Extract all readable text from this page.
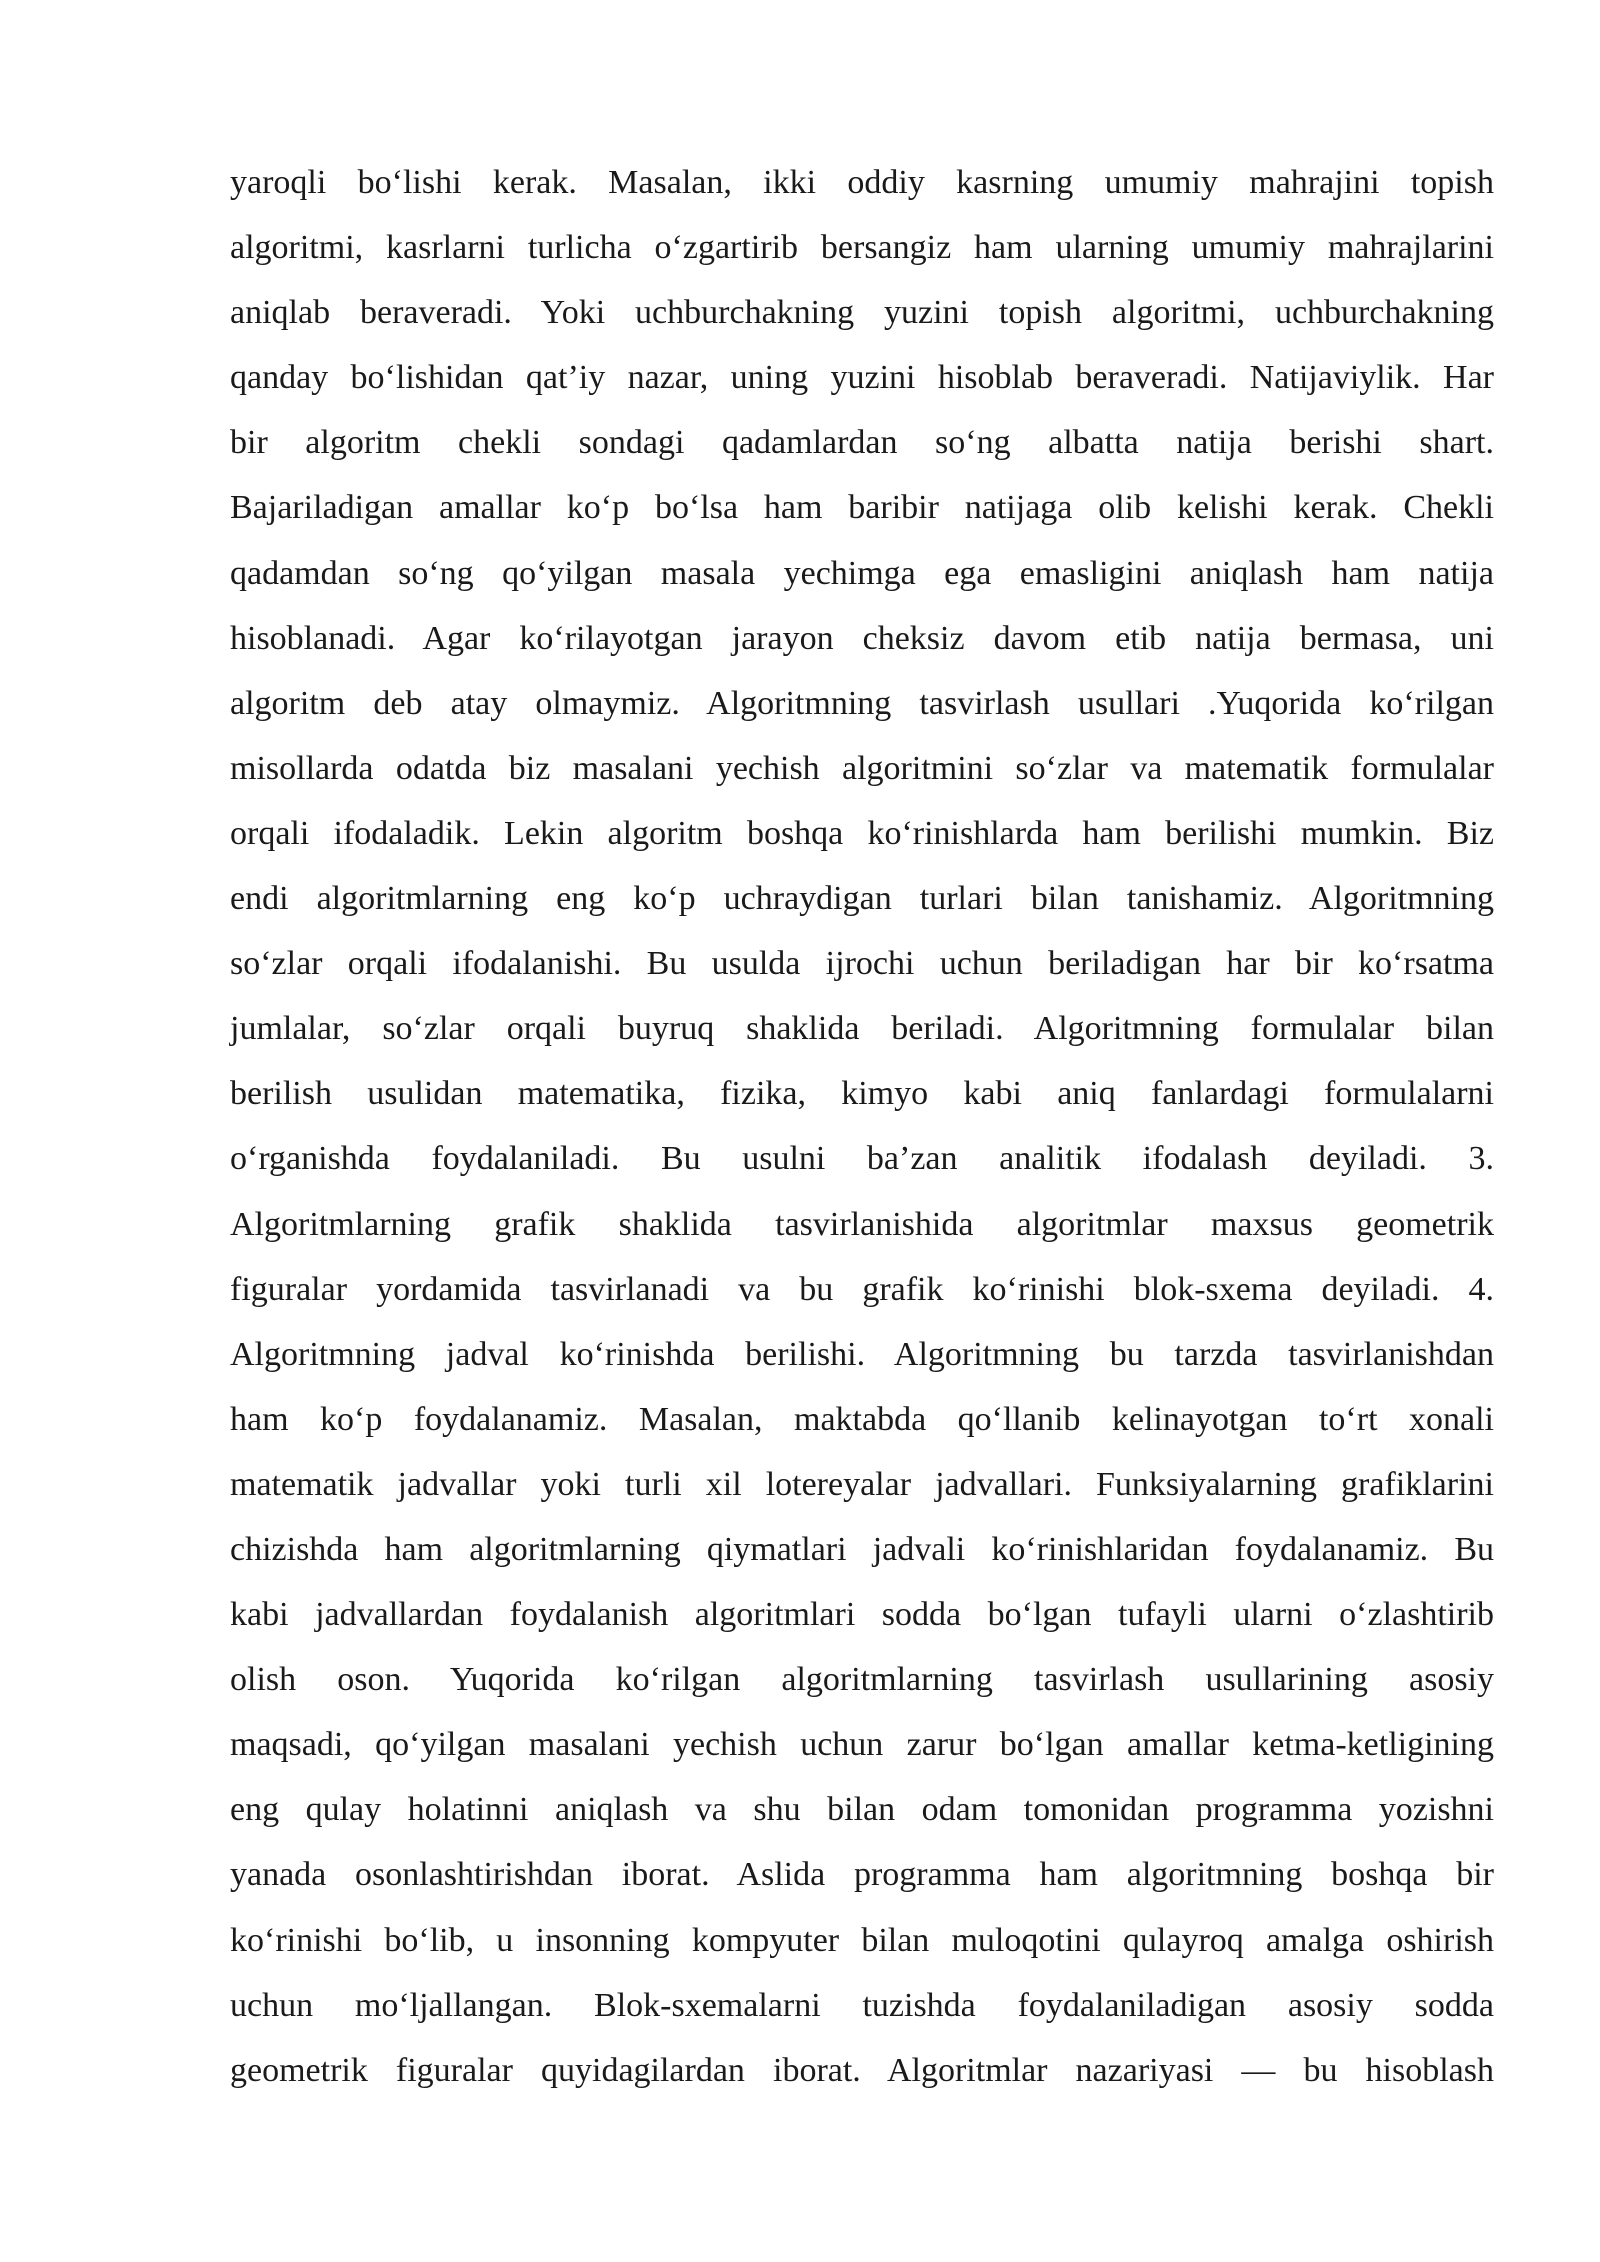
yaroqli bo‘lishi kerak. Masalan, ikki oddiy kasrning umumiy mahrajini topish
algoritmi, kasrlarni turlicha o‘zgartirib bersangiz ham ularning umumiy mahrajlarini
aniqlab beraveradi. Yoki uchburchakning yuzini topish algoritmi, uchburchakning
qanday bo‘lishidan qat’iy nazar, uning yuzini hisoblab beraveradi. Natijaviylik. Har
bir algoritm chekli sondagi qadamlardan so‘ng albatta natija berishi shart.
Bajariladigan amallar ko‘p bo‘lsa ham baribir natijaga olib kelishi kerak. Chekli
qadamdan so‘ng qo‘yilgan masala yechimga ega emasligini aniqlash ham natija
hisoblanadi. Agar ko‘rilayotgan jarayon cheksiz davom etib natija bermasa, uni
algoritm deb atay olmaymiz. Algoritmning tasvirlash usullari .Yuqorida ko‘rilgan
misollarda odatda biz masalani yechish algoritmini so‘zlar va matematik formulalar
orqali ifodaladik. Lekin algoritm boshqa ko‘rinishlarda ham berilishi mumkin. Biz
endi algoritmlarning eng ko‘p uchraydigan turlari bilan tanishamiz. Algoritmning
so‘zlar orqali ifodalanishi. Bu usulda ijrochi uchun beriladigan har bir ko‘rsatma
jumlalar, so‘zlar orqali buyruq shaklida beriladi. Algoritmning formulalar bilan
berilish usulidan matematika, fizika, kimyo kabi aniq fanlardagi formulalarni
o‘rganishda foydalaniladi. Bu usulni ba’zan analitik ifodalash deyiladi. 3.
Algoritmlarning grafik shaklida tasvirlanishida algoritmlar maxsus geometrik
figuralar yordamida tasvirlanadi va bu grafik ko‘rinishi blok-sxema deyiladi. 4.
Algoritmning jadval ko‘rinishda berilishi. Algoritmning bu tarzda tasvirlanishdan
ham ko‘p foydalanamiz. Masalan, maktabda qo‘llanib kelinayotgan to‘rt xonali
matematik jadvallar yoki turli xil lotereyalar jadvallari. Funksiyalarning grafiklarini
chizishda ham algoritmlarning qiymatlari jadvali ko‘rinishlaridan foydalanamiz. Bu
kabi jadvallardan foydalanish algoritmlari sodda bo‘lgan tufayli ularni o‘zlashtirib
olish oson. Yuqorida ko‘rilgan algoritmlarning tasvirlash usullarining asosiy
maqsadi, qo‘yilgan masalani yechish uchun zarur bo‘lgan amallar ketma-ketligining
eng qulay holatinni aniqlash va shu bilan odam tomonidan programma yozishni
yanada osonlashtirishdan iborat. Aslida programma ham algoritmning boshqa bir
ko‘rinishi bo‘lib, u insonning kompyuter bilan muloqotini qulayroq amalga oshirish
uchun mo‘ljallangan. Blok-sxemalarni tuzishda foydalaniladigan asosiy sodda
geometrik figuralar quyidagilardan iborat. Algoritmlar nazariyasi — bu hisoblash
